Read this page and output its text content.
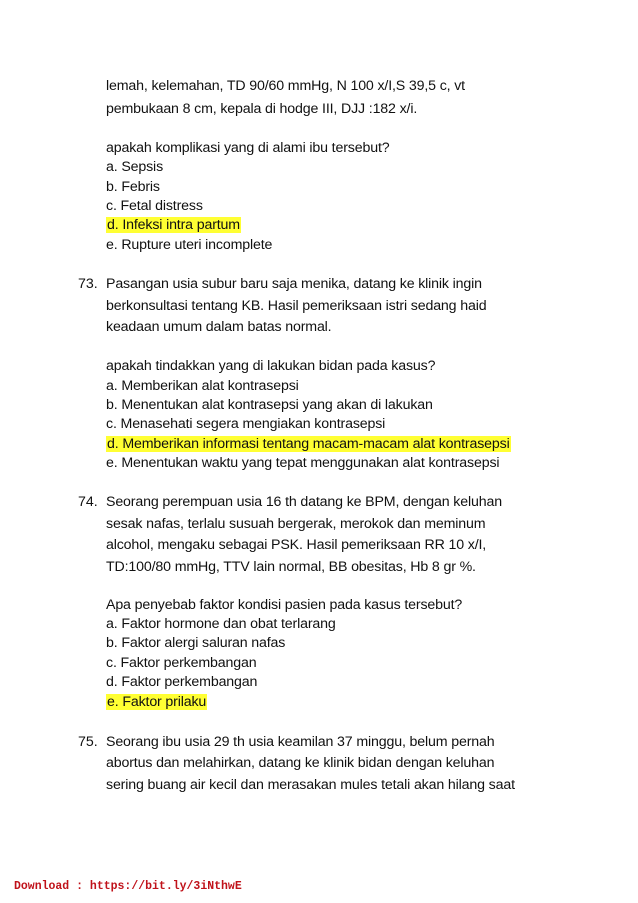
lemah, kelemahan, TD 90/60 mmHg, N 100 x/I,S 39,5 c, vt
pembukaan 8 cm, kepala di hodge III, DJJ :182 x/i.
apakah komplikasi yang di alami ibu tersebut?
a. Sepsis
b. Febris
c. Fetal distress
d. Infeksi intra partum
e. Rupture uteri incomplete
73. Pasangan usia subur baru saja menika, datang ke klinik ingin
berkonsultasi tentang KB. Hasil pemeriksaan istri sedang haid
keadaan umum dalam batas normal.
apakah tindakkan yang di lakukan bidan pada kasus?
a. Memberikan alat kontrasepsi
b. Menentukan alat kontrasepsi yang akan di lakukan
c. Menasehati segera mengiakan kontrasepsi
d. Memberikan informasi tentang macam-macam alat kontrasepsi
e. Menentukan waktu yang tepat menggunakan alat kontrasepsi
74. Seorang perempuan usia 16 th datang ke BPM, dengan keluhan
sesak nafas, terlalu susuah bergerak, merokok dan meminum
alcohol, mengaku sebagai PSK. Hasil pemeriksaan RR 10 x/I,
TD:100/80 mmHg, TTV lain normal, BB obesitas, Hb 8 gr %.
Apa penyebab faktor kondisi pasien pada kasus tersebut?
a. Faktor hormone dan obat terlarang
b. Faktor alergi saluran nafas
c. Faktor perkembangan
d. Faktor perkembangan
e. Faktor prilaku
75. Seorang ibu usia 29 th usia keamilan 37 minggu, belum pernah
abortus dan melahirkan, datang ke klinik bidan dengan keluhan
sering buang air kecil dan merasakan mules tetali akan hilang saat
Download : https://bit.ly/3iNthwE
